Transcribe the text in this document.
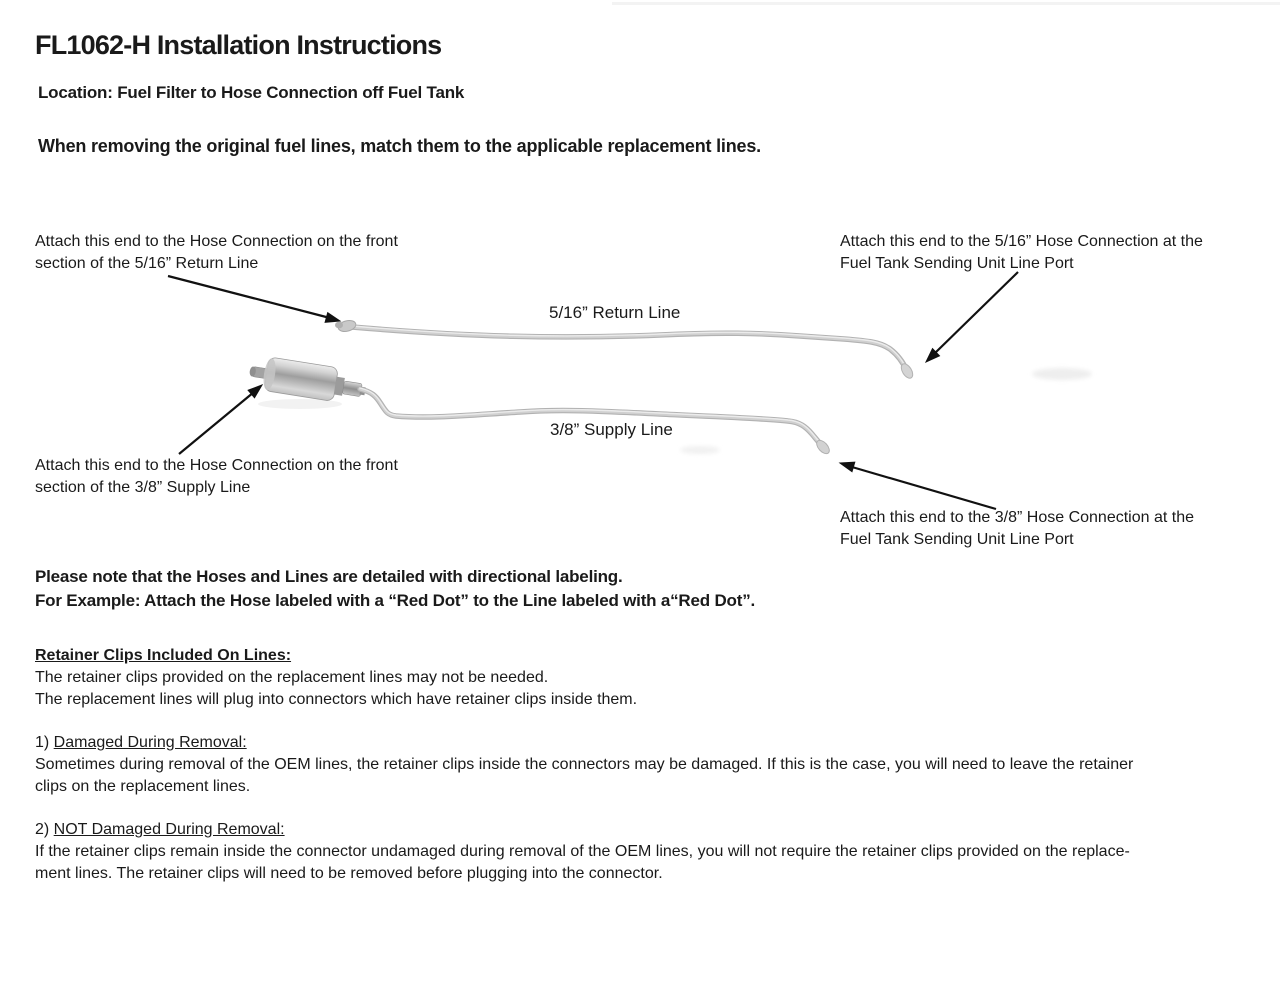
FL1062-H Installation Instructions
Location: Fuel Filter to Hose Connection off Fuel Tank
When removing the original fuel lines, match them to the applicable replacement lines.
5/16” Return Line
3/8” Supply Line
Attach this end to the Hose Connection on the front
section of the 5/16” Return Line
Attach this end to the 5/16” Hose Connection at the
Fuel Tank Sending Unit Line Port
Attach this end to the Hose Connection on the front
section of the 3/8” Supply Line
Attach this end to the 3/8” Hose Connection at the
Fuel Tank Sending Unit Line Port
Please note that the Hoses and Lines are detailed with directional labeling.
For Example: Attach the Hose labeled with a “Red Dot” to the Line labeled with a“Red Dot”.
Retainer Clips Included On Lines:
The retainer clips provided on the replacement lines may not be needed.
The replacement lines will plug into connectors which have retainer clips inside them.
1) Damaged During Removal:
Sometimes during removal of the OEM lines, the retainer clips inside the connectors may be damaged. If this is the case, you will need to leave the retainer
clips on the replacement lines.
2) NOT Damaged During Removal:
If the retainer clips remain inside the connector undamaged during removal of the OEM lines, you will not require the retainer clips provided on the replace-
ment lines. The retainer clips will need to be removed before plugging into the connector.
